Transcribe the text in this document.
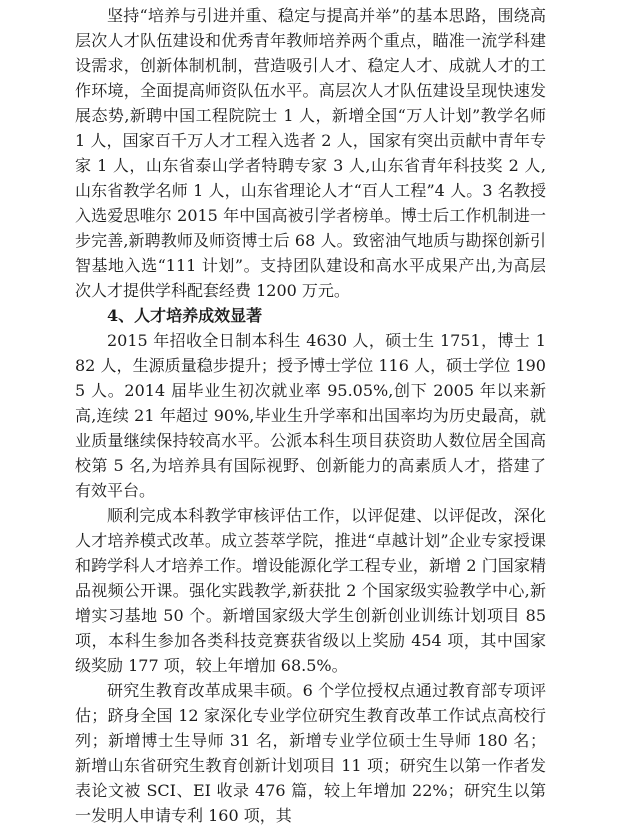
坚持“培养与引进并重、稳定与提高并举”的基本思路，围绕高层次人才队伍建设和优秀青年教师培养两个重点，瞄准一流学科建设需求，创新体制机制，营造吸引人才、稳定人才、成就人才的工作环境，全面提高师资队伍水平。高层次人才队伍建设呈现快速发展态势,新聘中国工程院院士 1 人，新增全国“万人计划”教学名师 1 人，国家百千万人才工程入选者 2 人，国家有突出贡献中青年专家 1 人，山东省泰山学者特聘专家 3 人,山东省青年科技奖 2 人,山东省教学名师 1 人，山东省理论人才“百人工程”4 人。3 名教授入选爱思唯尔 2015 年中国高被引学者榜单。博士后工作机制进一步完善,新聘教师及师资博士后 68 人。致密油气地质与勘探创新引智基地入选“111 计划”。支持团队建设和高水平成果产出,为高层次人才提供学科配套经费 1200 万元。

4、人才培养成效显著

2015 年招收全日制本科生 4630 人，硕士生 1751，博士 182 人，生源质量稳步提升；授予博士学位 116 人，硕士学位 1905 人。2014 届毕业生初次就业率 95.05%,创下 2005 年以来新高,连续 21 年超过 90%,毕业生升学率和出国率均为历史最高，就业质量继续保持较高水平。公派本科生项目获资助人数位居全国高校第 5 名,为培养具有国际视野、创新能力的高素质人才，搭建了有效平台。

顺利完成本科教学审核评估工作，以评促建、以评促改，深化人才培养模式改革。成立荟萃学院，推进“卓越计划”企业专家授课和跨学科人才培养工作。增设能源化学工程专业，新增 2 门国家精品视频公开课。强化实践教学,新获批 2 个国家级实验教学中心,新增实习基地 50 个。新增国家级大学生创新创业训练计划项目 85 项，本科生参加各类科技竞赛获省级以上奖励 454 项，其中国家级奖励 177 项，较上年增加 68.5%。

研究生教育改革成果丰硕。6 个学位授权点通过教育部专项评估；跻身全国 12 家深化专业学位研究生教育改革工作试点高校行列；新增博士生导师 31 名，新增专业学位硕士生导师 180 名；新增山东省研究生教育创新计划项目 11 项；研究生以第一作者发表论文被 SCI、EI 收录 476 篇，较上年增加 22%；研究生以第一发明人申请专利 160 项，其
